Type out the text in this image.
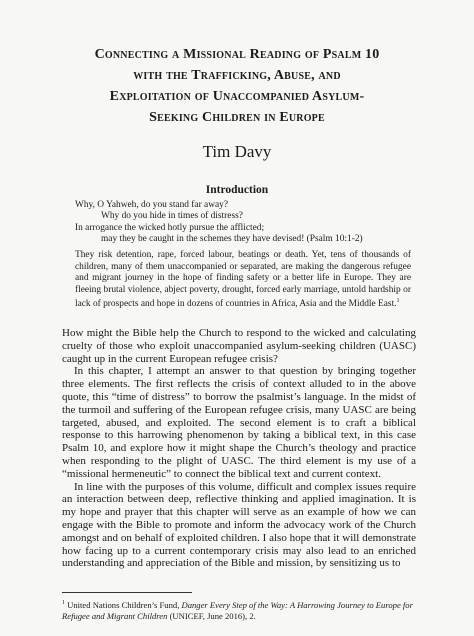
Connecting a Missional Reading of Psalm 10
with the Trafficking, Abuse, and
Exploitation of Unaccompanied Asylum-
Seeking Children in Europe
Tim Davy
Introduction
Why, O Yahweh, do you stand far away?
Why do you hide in times of distress?
In arrogance the wicked hotly pursue the afflicted;
may they be caught in the schemes they have devised! (Psalm 10:1-2)
They risk detention, rape, forced labour, beatings or death. Yet, tens of thousands of children, many of them unaccompanied or separated, are making the dangerous refugee and migrant journey in the hope of finding safety or a better life in Europe. They are fleeing brutal violence, abject poverty, drought, forced early marriage, untold hardship or lack of prospects and hope in dozens of countries in Africa, Asia and the Middle East.$^1$

How might the Bible help the Church to respond to the wicked and calculating cruelty of those who exploit unaccompanied asylum-seeking children (UASC) caught up in the current European refugee crisis?

In this chapter, I attempt an answer to that question by bringing together three elements. The first reflects the crisis of context alluded to in the above quote, this “time of distress” to borrow the psalmist’s language. In the midst of the turmoil and suffering of the European refugee crisis, many UASC are being targeted, abused, and exploited. The second element is to craft a biblical response to this harrowing phenomenon by taking a biblical text, in this case Psalm 10, and explore how it might shape the Church’s theology and practice when responding to the plight of UASC. The third element is my use of a “missional hermeneutic” to connect the biblical text and current context.

In line with the purposes of this volume, difficult and complex issues require an interaction between deep, reflective thinking and applied imagination. It is my hope and prayer that this chapter will serve as an example of how we can engage with the Bible to promote and inform the advocacy work of the Church amongst and on behalf of exploited children. I also hope that it will demonstrate how facing up to a current contemporary crisis may also lead to an enriched understanding and appreciation of the Bible and mission, by sensitizing us to

$^1$ United Nations Children’s Fund, Danger Every Step of the Way: A Harrowing Journey to Europe for Refugee and Migrant Children (UNICEF, June 2016), 2.
